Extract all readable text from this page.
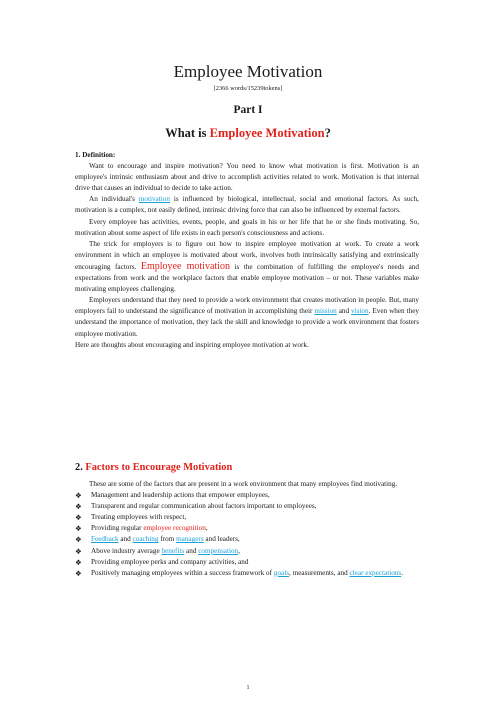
Employee Motivation
[2366 words/15239tokens]
Part I
What is Employee Motivation?

1. Definition:

Want to encourage and inspire motivation? You need to know what motivation is first. Motivation is an employee's intrinsic enthusiasm about and drive to accomplish activities related to work. Motivation is that internal drive that causes an individual to decide to take action.

An individual's motivation is influenced by biological, intellectual, social and emotional factors. As such, motivation is a complex, not easily defined, intrinsic driving force that can also be influenced by external factors.

Every employee has activities, events, people, and goals in his or her life that he or she finds motivating. So, motivation about some aspect of life exists in each person's consciousness and actions.

The trick for employers is to figure out how to inspire employee motivation at work. To create a work environment in which an employee is motivated about work, involves both intrinsically satisfying and extrinsically encouraging factors. Employee motivation is the combination of fulfilling the employee's needs and expectations from work and the workplace factors that enable employee motivation – or not. These variables make motivating employees challenging.

Employers understand that they need to provide a work environment that creates motivation in people. But, many employers fail to understand the significance of motivation in accomplishing their mission and vision. Even when they understand the importance of motivation, they lack the skill and knowledge to provide a work environment that fosters employee motivation.

Here are thoughts about encouraging and inspiring employee motivation at work.

2. Factors to Encourage Motivation

These are some of the factors that are present in a work environment that many employees find motivating.

❖ Management and leadership actions that empower employees,
❖ Transparent and regular communication about factors important to employees,
❖ Treating employees with respect,
❖ Providing regular employee recognition,
❖ Feedback and coaching from managers and leaders,
❖ Above industry average benefits and compensation,
❖ Providing employee perks and company activities, and
❖ Positively managing employees within a success framework of goals, measurements, and clear expectations.
1
